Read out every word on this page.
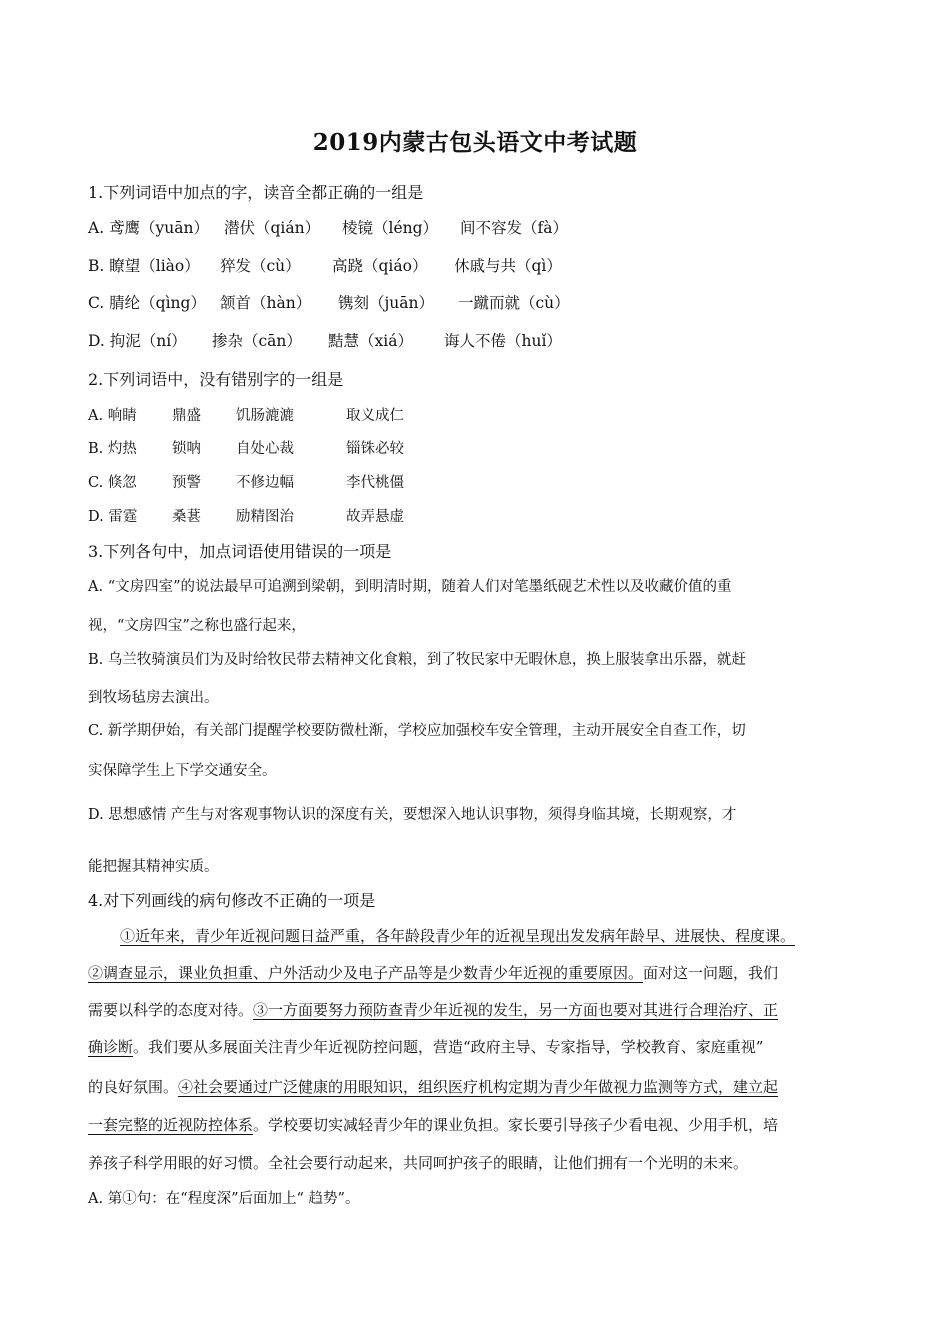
2019内蒙古包头语文中考试题
1.下列词语中加点的字，读音全都正确的一组是
A. 鸢鹰（yuān） 潜伏（qián） 棱镜（léng） 间不容发（fà）
B. 瞭望（liào） 猝发（cù） 高跷（qiáo） 休戚与共（qì）
C. 腈纶（qìng） 颔首（hàn） 镌刻（juān） 一蹴而就（cù）
D. 拘泥（ní） 掺杂（cān） 黠慧（xiá） 诲人不倦（huǐ）
2.下列词语中，没有错别字的一组是
A. 响睛 鼎盛 饥肠漉漉	取义成仁
B. 灼热 锁呐 自处心裁	锱铢必较
C. 倏忽 预警 不修边幅	李代桃僵
D. 雷霆 桑葚 励精图治	故弄悬虚
3.下列各句中，加点词语使用错误的一项是
A. “文房四室”的说法最早可追溯到梁朝，到明清时期，随着人们对笔墨纸砚艺术性以及收藏价值的重
视，“文房四宝”之称也盛行起来，
B. 乌兰牧骑演员们为及时给牧民带去精神文化食粮，到了牧民家中无暇休息，换上服装拿出乐器，就赶
到牧场毡房去演出。
C. 新学期伊始，有关部门提醒学校要防微杜渐，学校应加强校车安全管理，主动开展安全自查工作，切
实保障学生上下学交通安全。
D. 思想感情 产生与对客观事物认识的深度有关，要想深入地认识事物，须得身临其境，长期观察，才
能把握其精神实质。
4.对下列画线的病句修改不正确的一项是
①近年来，青少年近视问题日益严重，各年龄段青少年的近视呈现出发发病年龄早、进展快、程度课。
②调查显示，课业负担重、户外活动少及电子产品等是少数青少年近视的重要原因。面对这一问题，我们
需要以科学的态度对待。③一方面要努力预防查青少年近视的发生，另一方面也要对其进行合理治疗、正
确诊断。我们要从多展面关注青少年近视防控问题，营造“政府主导、专家指导，学校教育、家庭重视”
的良好氛围。④社会要通过广泛健康的用眼知识，组织医疗机构定期为青少年做视力监测等方式，建立起
一套完整的近视防控体系。学校要切实减轻青少年的课业负担。家长要引导孩子少看电视、少用手机，培
养孩子科学用眼的好习惯。全社会要行动起来，共同呵护孩子的眼睛，让他们拥有一个光明的未来。
A. 第①句：在“程度深”后面加上“ 趋势”。
